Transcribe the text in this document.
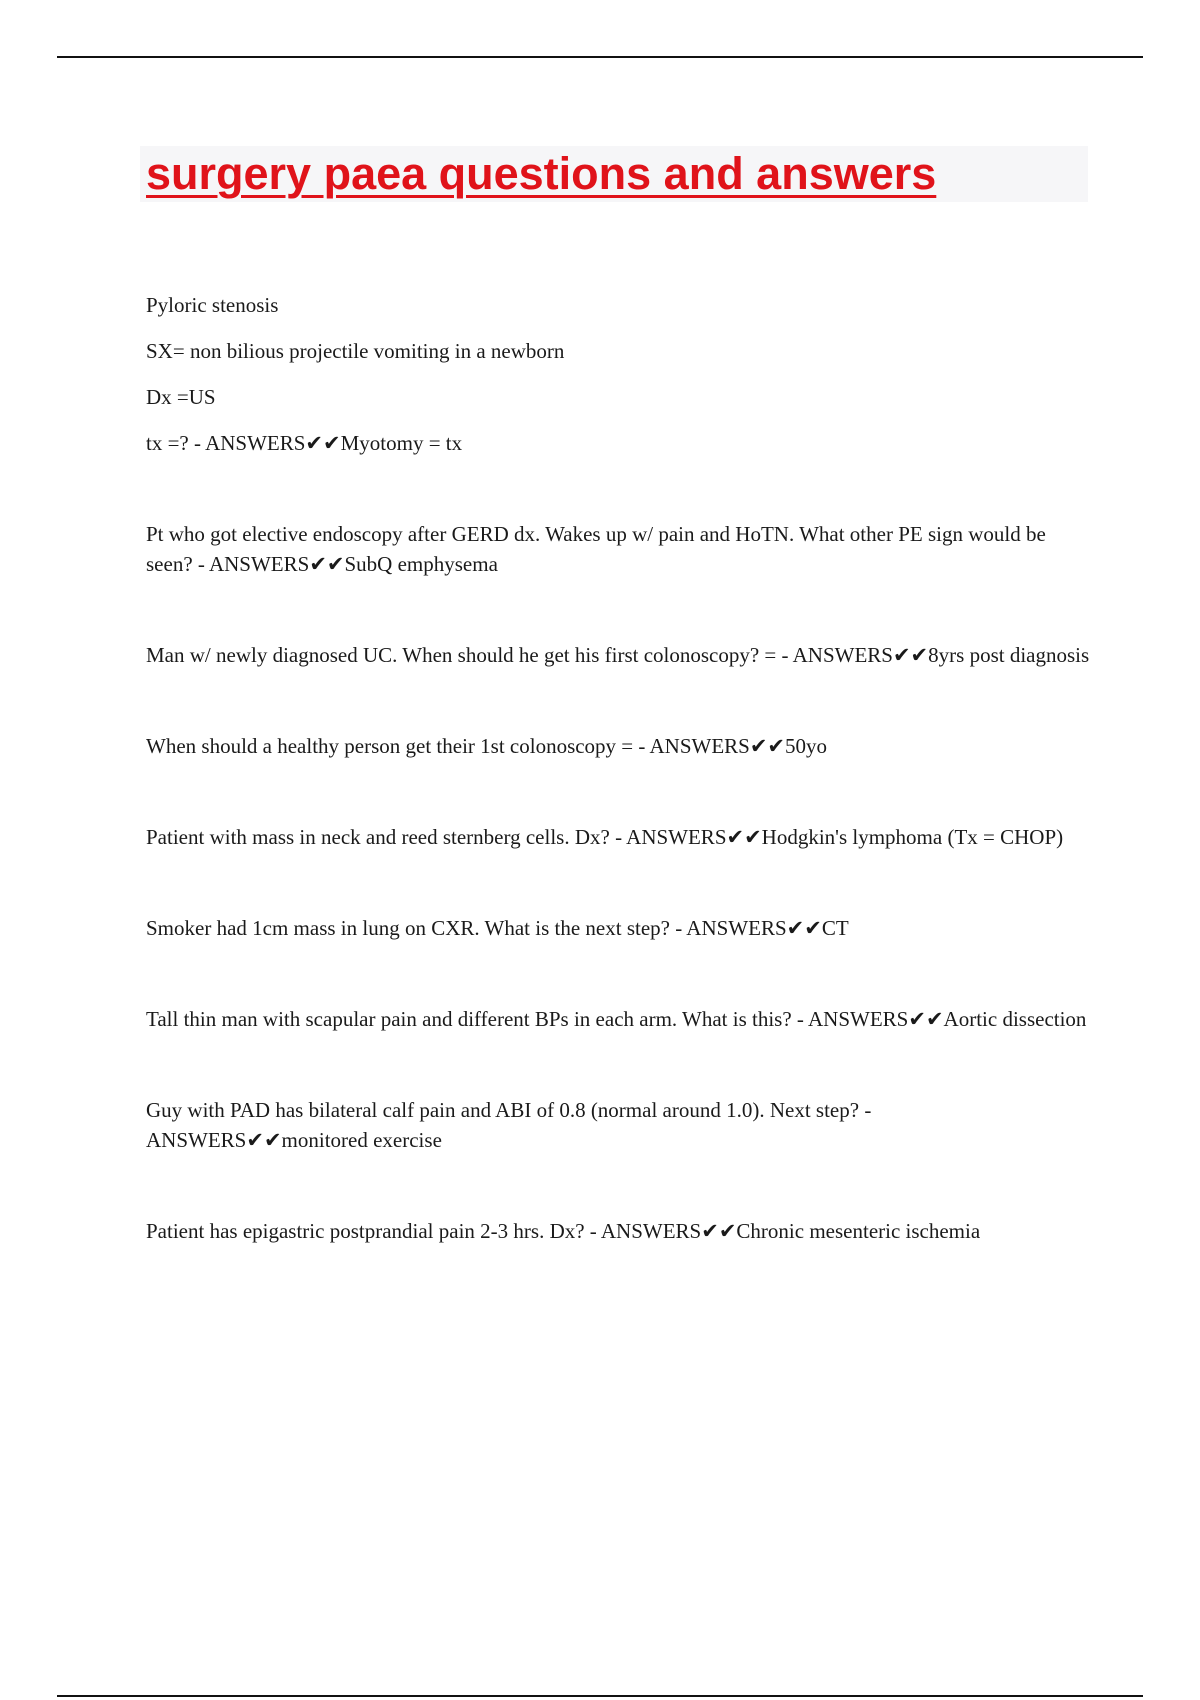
surgery paea questions and answers

Pyloric stenosis

SX= non bilious projectile vomiting in a newborn

Dx =US

tx =? - ANSWERS✔✔Myotomy = tx

Pt who got elective endoscopy after GERD dx. Wakes up w/ pain and HoTN. What other PE sign would be seen? - ANSWERS✔✔SubQ emphysema

Man w/ newly diagnosed UC. When should he get his first colonoscopy? = - ANSWERS✔✔8yrs post diagnosis

When should a healthy person get their 1st colonoscopy = - ANSWERS✔✔50yo

Patient with mass in neck and reed sternberg cells. Dx? - ANSWERS✔✔Hodgkin's lymphoma (Tx = CHOP)

Smoker had 1cm mass in lung on CXR. What is the next step? - ANSWERS✔✔CT

Tall thin man with scapular pain and different BPs in each arm. What is this? - ANSWERS✔✔Aortic dissection

Guy with PAD has bilateral calf pain and ABI of 0.8 (normal around 1.0). Next step? - ANSWERS✔✔monitored exercise

Patient has epigastric postprandial pain 2-3 hrs. Dx? - ANSWERS✔✔Chronic mesenteric ischemia
